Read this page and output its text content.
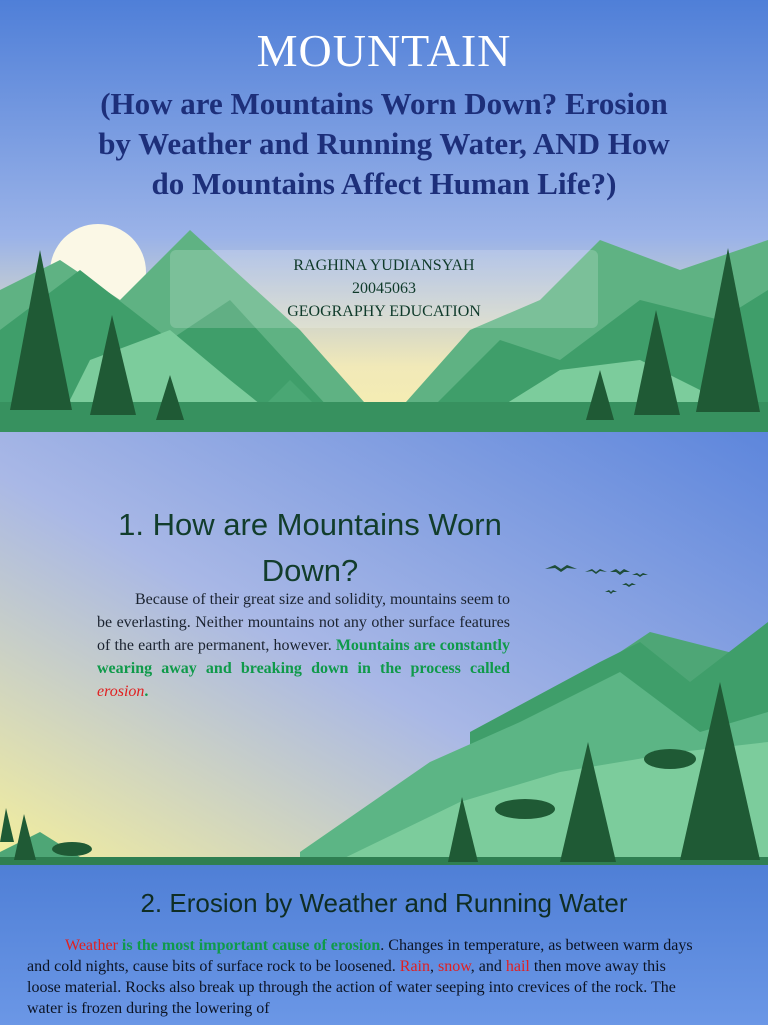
MOUNTAIN
(How are Mountains Worn Down? Erosion by Weather and Running Water, AND How do Mountains Affect Human Life?)
RAGHINA YUDIANSYAH
20045063
GEOGRAPHY EDUCATION
1. How are Mountains Worn Down?
Because of their great size and solidity, mountains seem to be everlasting. Neither mountains not any other surface features of the earth are permanent, however. Mountains are constantly wearing away and breaking down in the process called erosion.
2. Erosion by Weather and Running Water
Weather is the most important cause of erosion. Changes in temperature, as between warm days and cold nights, cause bits of surface rock to be loosened. Rain, snow, and hail then move away this loose material. Rocks also break up through the action of water seeping into crevices of the rock. The water is frozen during the lowering of
